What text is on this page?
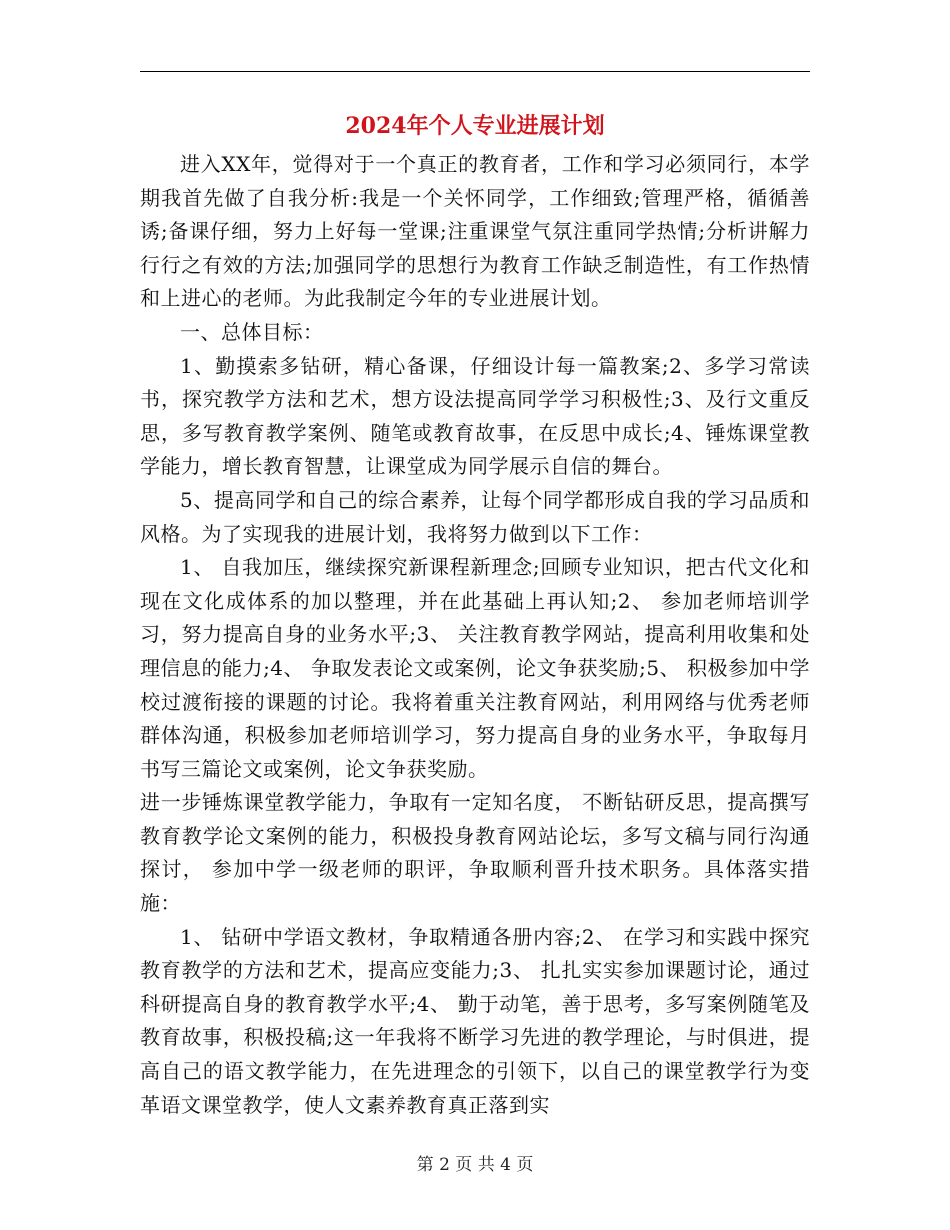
2024年个人专业进展计划

进入XX年，觉得对于一个真正的教育者，工作和学习必须同行，本学期我首先做了自我分析:我是一个关怀同学，工作细致;管理严格，循循善诱;备课仔细，努力上好每一堂课;注重课堂气氛注重同学热情;分析讲解力行行之有效的方法;加强同学的思想行为教育工作缺乏制造性，有工作热情和上进心的老师。为此我制定今年的专业进展计划。

一、总体目标：

1、勤摸索多钻研，精心备课，仔细设计每一篇教案;2、多学习常读书，探究教学方法和艺术，想方设法提高同学学习积极性;3、及行文重反思，多写教育教学案例、随笔或教育故事，在反思中成长;4、锤炼课堂教学能力，增长教育智慧，让课堂成为同学展示自信的舞台。

5、提高同学和自己的综合素养，让每个同学都形成自我的学习品质和风格。为了实现我的进展计划，我将努力做到以下工作：

1、 自我加压，继续探究新课程新理念;回顾专业知识，把古代文化和现在文化成体系的加以整理，并在此基础上再认知;2、 参加老师培训学习，努力提高自身的业务水平;3、 关注教育教学网站，提高利用收集和处理信息的能力;4、 争取发表论文或案例，论文争获奖励;5、 积极参加中学校过渡衔接的课题的讨论。我将着重关注教育网站，利用网络与优秀老师群体沟通，积极参加老师培训学习，努力提高自身的业务水平，争取每月书写三篇论文或案例，论文争获奖励。

进一步锤炼课堂教学能力，争取有一定知名度， 不断钻研反思，提高撰写教育教学论文案例的能力，积极投身教育网站论坛，多写文稿与同行沟通探讨， 参加中学一级老师的职评，争取顺利晋升技术职务。具体落实措施：

1、 钻研中学语文教材，争取精通各册内容;2、 在学习和实践中探究教育教学的方法和艺术，提高应变能力;3、 扎扎实实参加课题讨论，通过科研提高自身的教育教学水平;4、 勤于动笔，善于思考，多写案例随笔及教育故事，积极投稿;这一年我将不断学习先进的教学理论，与时俱进，提高自己的语文教学能力，在先进理念的引领下，以自己的课堂教学行为变革语文课堂教学，使人文素养教育真正落到实

第 2 页 共 4 页
